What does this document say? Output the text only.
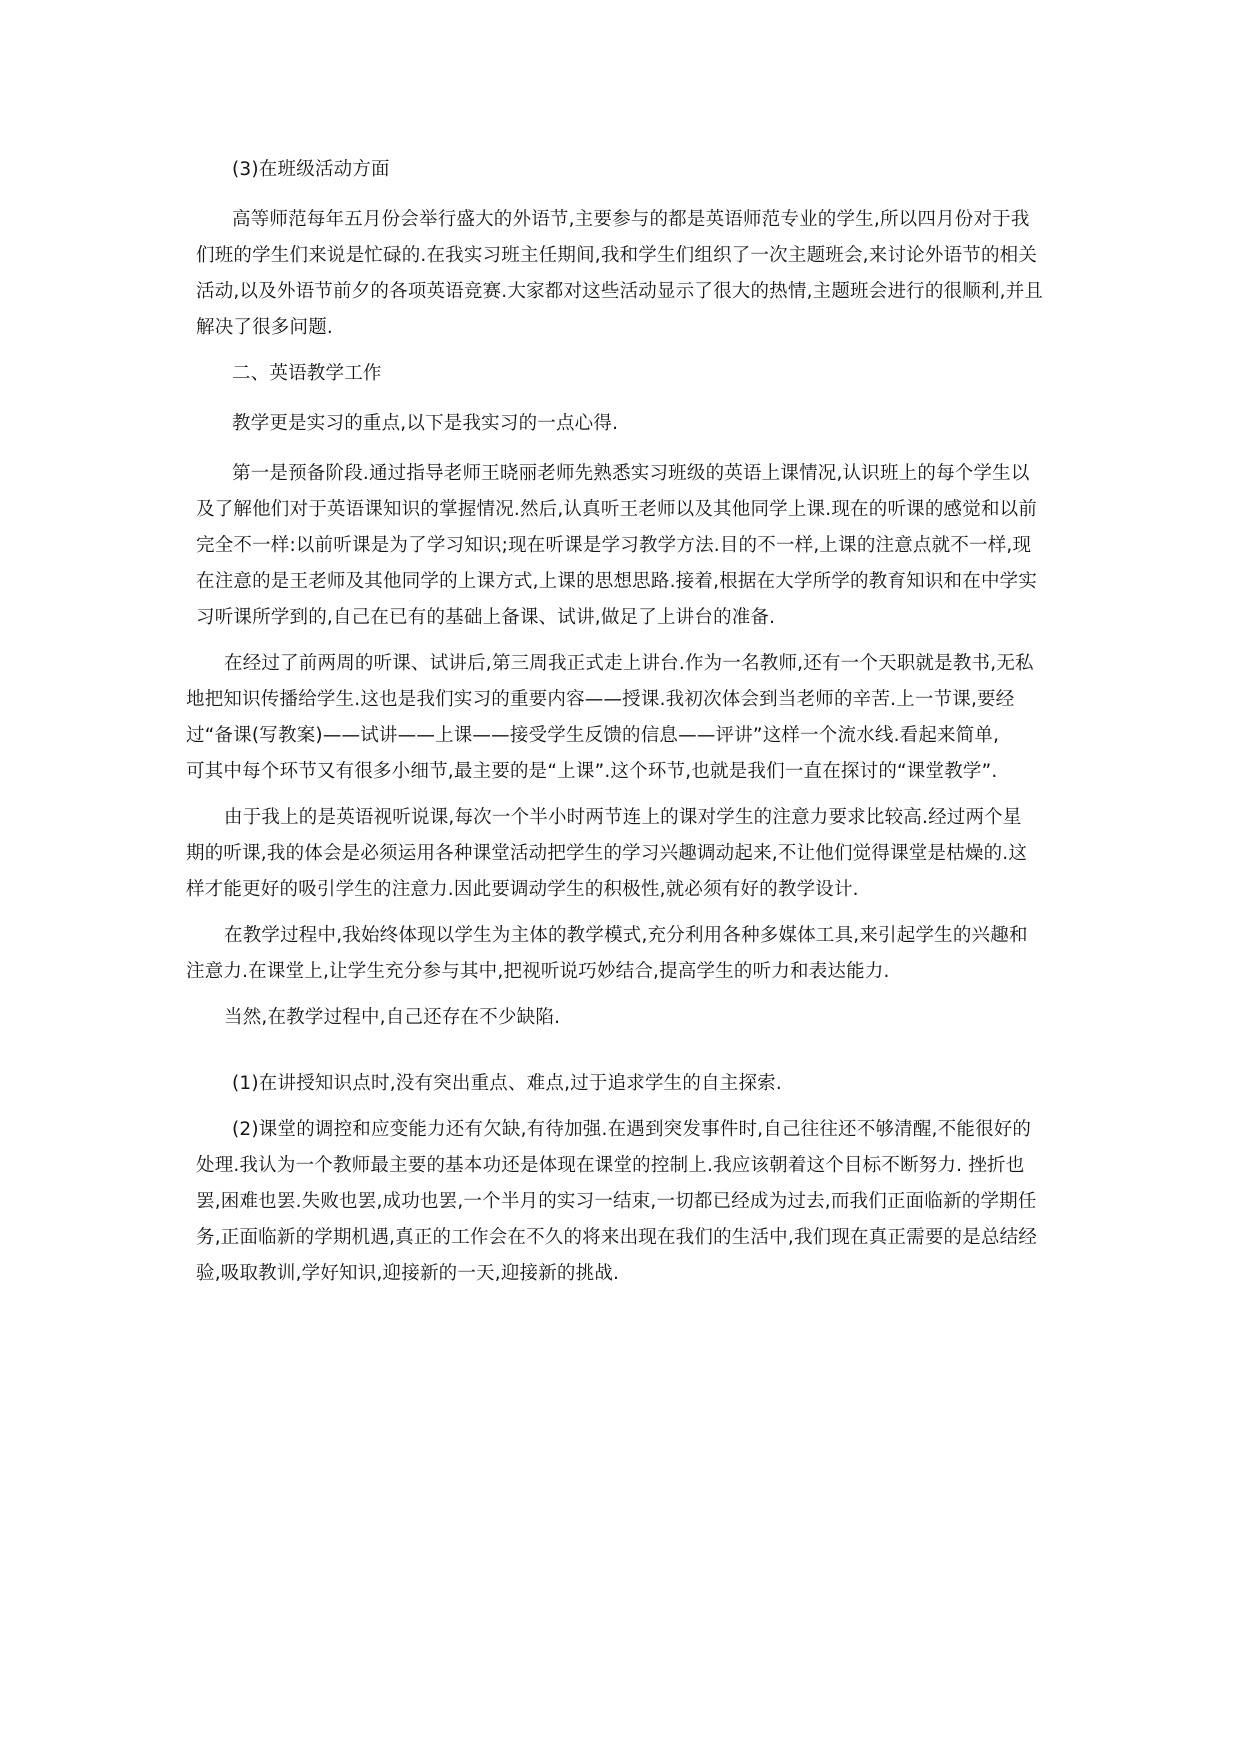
(3)在班级活动方面

高等师范每年五月份会举行盛大的外语节,主要参与的都是英语师范专业的学生,所以四月份对于我
们班的学生们来说是忙碌的.在我实习班主任期间,我和学生们组织了一次主题班会,来讨论外语节的相关
活动,以及外语节前夕的各项英语竞赛.大家都对这些活动显示了很大的热情,主题班会进行的很顺利,并且
解决了很多问题.

二、英语教学工作

教学更是实习的重点,以下是我实习的一点心得.

第一是预备阶段.通过指导老师王晓丽老师先熟悉实习班级的英语上课情况,认识班上的每个学生以
及了解他们对于英语课知识的掌握情况.然后,认真听王老师以及其他同学上课.现在的听课的感觉和以前
完全不一样:以前听课是为了学习知识;现在听课是学习教学方法.目的不一样,上课的注意点就不一样,现
在注意的是王老师及其他同学的上课方式,上课的思想思路.接着,根据在大学所学的教育知识和在中学实
习听课所学到的,自己在已有的基础上备课、试讲,做足了上讲台的准备.

在经过了前两周的听课、试讲后,第三周我正式走上讲台.作为一名教师,还有一个天职就是教书,无私
地把知识传播给学生.这也是我们实习的重要内容——授课.我初次体会到当老师的辛苦.上一节课,要经
过“备课(写教案)——试讲——上课——接受学生反馈的信息——评讲”这样一个流水线.看起来简单,
可其中每个环节又有很多小细节,最主要的是“上课”.这个环节,也就是我们一直在探讨的“课堂教学”.

由于我上的是英语视听说课,每次一个半小时两节连上的课对学生的注意力要求比较高.经过两个星
期的听课,我的体会是必须运用各种课堂活动把学生的学习兴趣调动起来,不让他们觉得课堂是枯燥的.这
样才能更好的吸引学生的注意力.因此要调动学生的积极性,就必须有好的教学设计.

在教学过程中,我始终体现以学生为主体的教学模式,充分利用各种多媒体工具,来引起学生的兴趣和
注意力.在课堂上,让学生充分参与其中,把视听说巧妙结合,提高学生的听力和表达能力.

当然,在教学过程中,自己还存在不少缺陷.

(1)在讲授知识点时,没有突出重点、难点,过于追求学生的自主探索.

(2)课堂的调控和应变能力还有欠缺,有待加强.在遇到突发事件时,自己往往还不够清醒,不能很好的
处理.我认为一个教师最主要的基本功还是体现在课堂的控制上.我应该朝着这个目标不断努力. 挫折也
罢,困难也罢.失败也罢,成功也罢,一个半月的实习一结束,一切都已经成为过去,而我们正面临新的学期任
务,正面临新的学期机遇,真正的工作会在不久的将来出现在我们的生活中,我们现在真正需要的是总结经
验,吸取教训,学好知识,迎接新的一天,迎接新的挑战.
